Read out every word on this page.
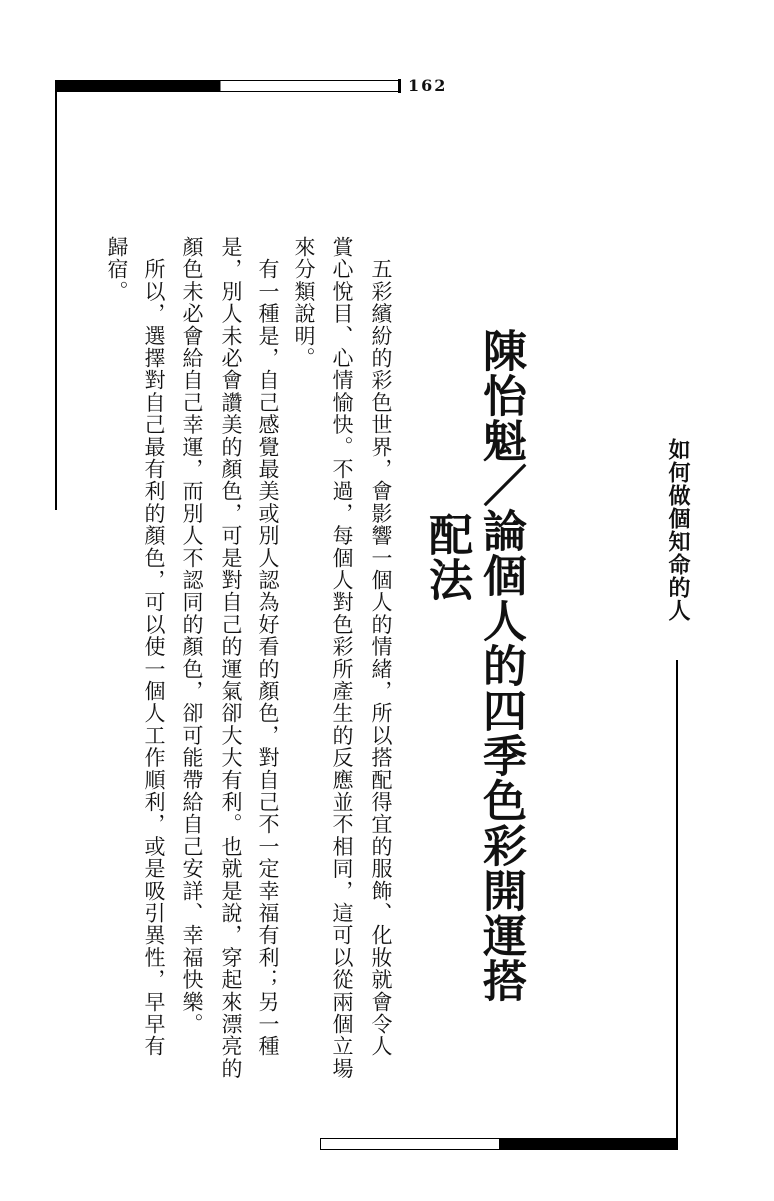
162
如何做個知命的人
陳怡魁／論個人的四季色彩開運搭
配法
　五彩繽紛的彩色世界，會影響一個人的情緒，所以搭配得宜的服飾、化妝就會令人
賞心悅目、心情愉快。不過，每個人對色彩所產生的反應並不相同，這可以從兩個立場
來分類說明。
　有一種是，自己感覺最美或別人認為好看的顏色，對自己不一定幸福有利；另一種
是，別人未必會讚美的顏色，可是對自己的運氣卻大大有利。也就是說，穿起來漂亮的
顏色未必會給自己幸運，而別人不認同的顏色，卻可能帶給自己安詳、幸福快樂。
　所以，選擇對自己最有利的顏色，可以使一個人工作順利，或是吸引異性，早早有
歸宿。
